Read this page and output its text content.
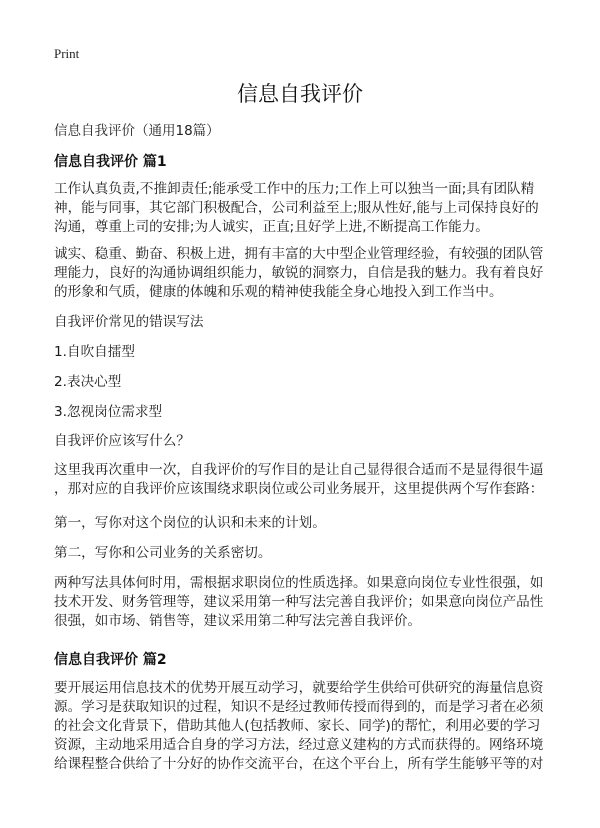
Print
信息自我评价
信息自我评价（通用18篇）
信息自我评价 篇1
工作认真负责,不推卸责任;能承受工作中的压力;工作上可以独当一面;具有团队精
神，能与同事，其它部门积极配合，公司利益至上;服从性好,能与上司保持良好的
沟通，尊重上司的安排;为人诚实，正直;且好学上进,不断提高工作能力。
诚实、稳重、勤奋、积极上进，拥有丰富的大中型企业管理经验，有较强的团队管
理能力，良好的沟通协调组织能力，敏锐的洞察力，自信是我的魅力。我有着良好
的形象和气质，健康的体魄和乐观的精神使我能全身心地投入到工作当中。
自我评价常见的错误写法
1.自吹自擂型
2.表决心型
3.忽视岗位需求型
自我评价应该写什么？
这里我再次重申一次，自我评价的写作目的是让自己显得很合适而不是显得很牛逼
，那对应的自我评价应该围绕求职岗位或公司业务展开，这里提供两个写作套路：
第一，写你对这个岗位的认识和未来的计划。
第二，写你和公司业务的关系密切。
两种写法具体何时用，需根据求职岗位的性质选择。如果意向岗位专业性很强，如
技术开发、财务管理等，建议采用第一种写法完善自我评价；如果意向岗位产品性
很强，如市场、销售等，建议采用第二种写法完善自我评价。
信息自我评价 篇2
要开展运用信息技术的优势开展互动学习，就要给学生供给可供研究的海量信息资
源。学习是获取知识的过程，知识不是经过教师传授而得到的，而是学习者在必须
的社会文化背景下，借助其他人(包括教师、家长、同学)的帮忙，利用必要的学习
资源，主动地采用适合自身的学习方法，经过意义建构的方式而获得的。网络环境
给课程整合供给了十分好的协作交流平台，在这个平台上，所有学生能够平等的对
